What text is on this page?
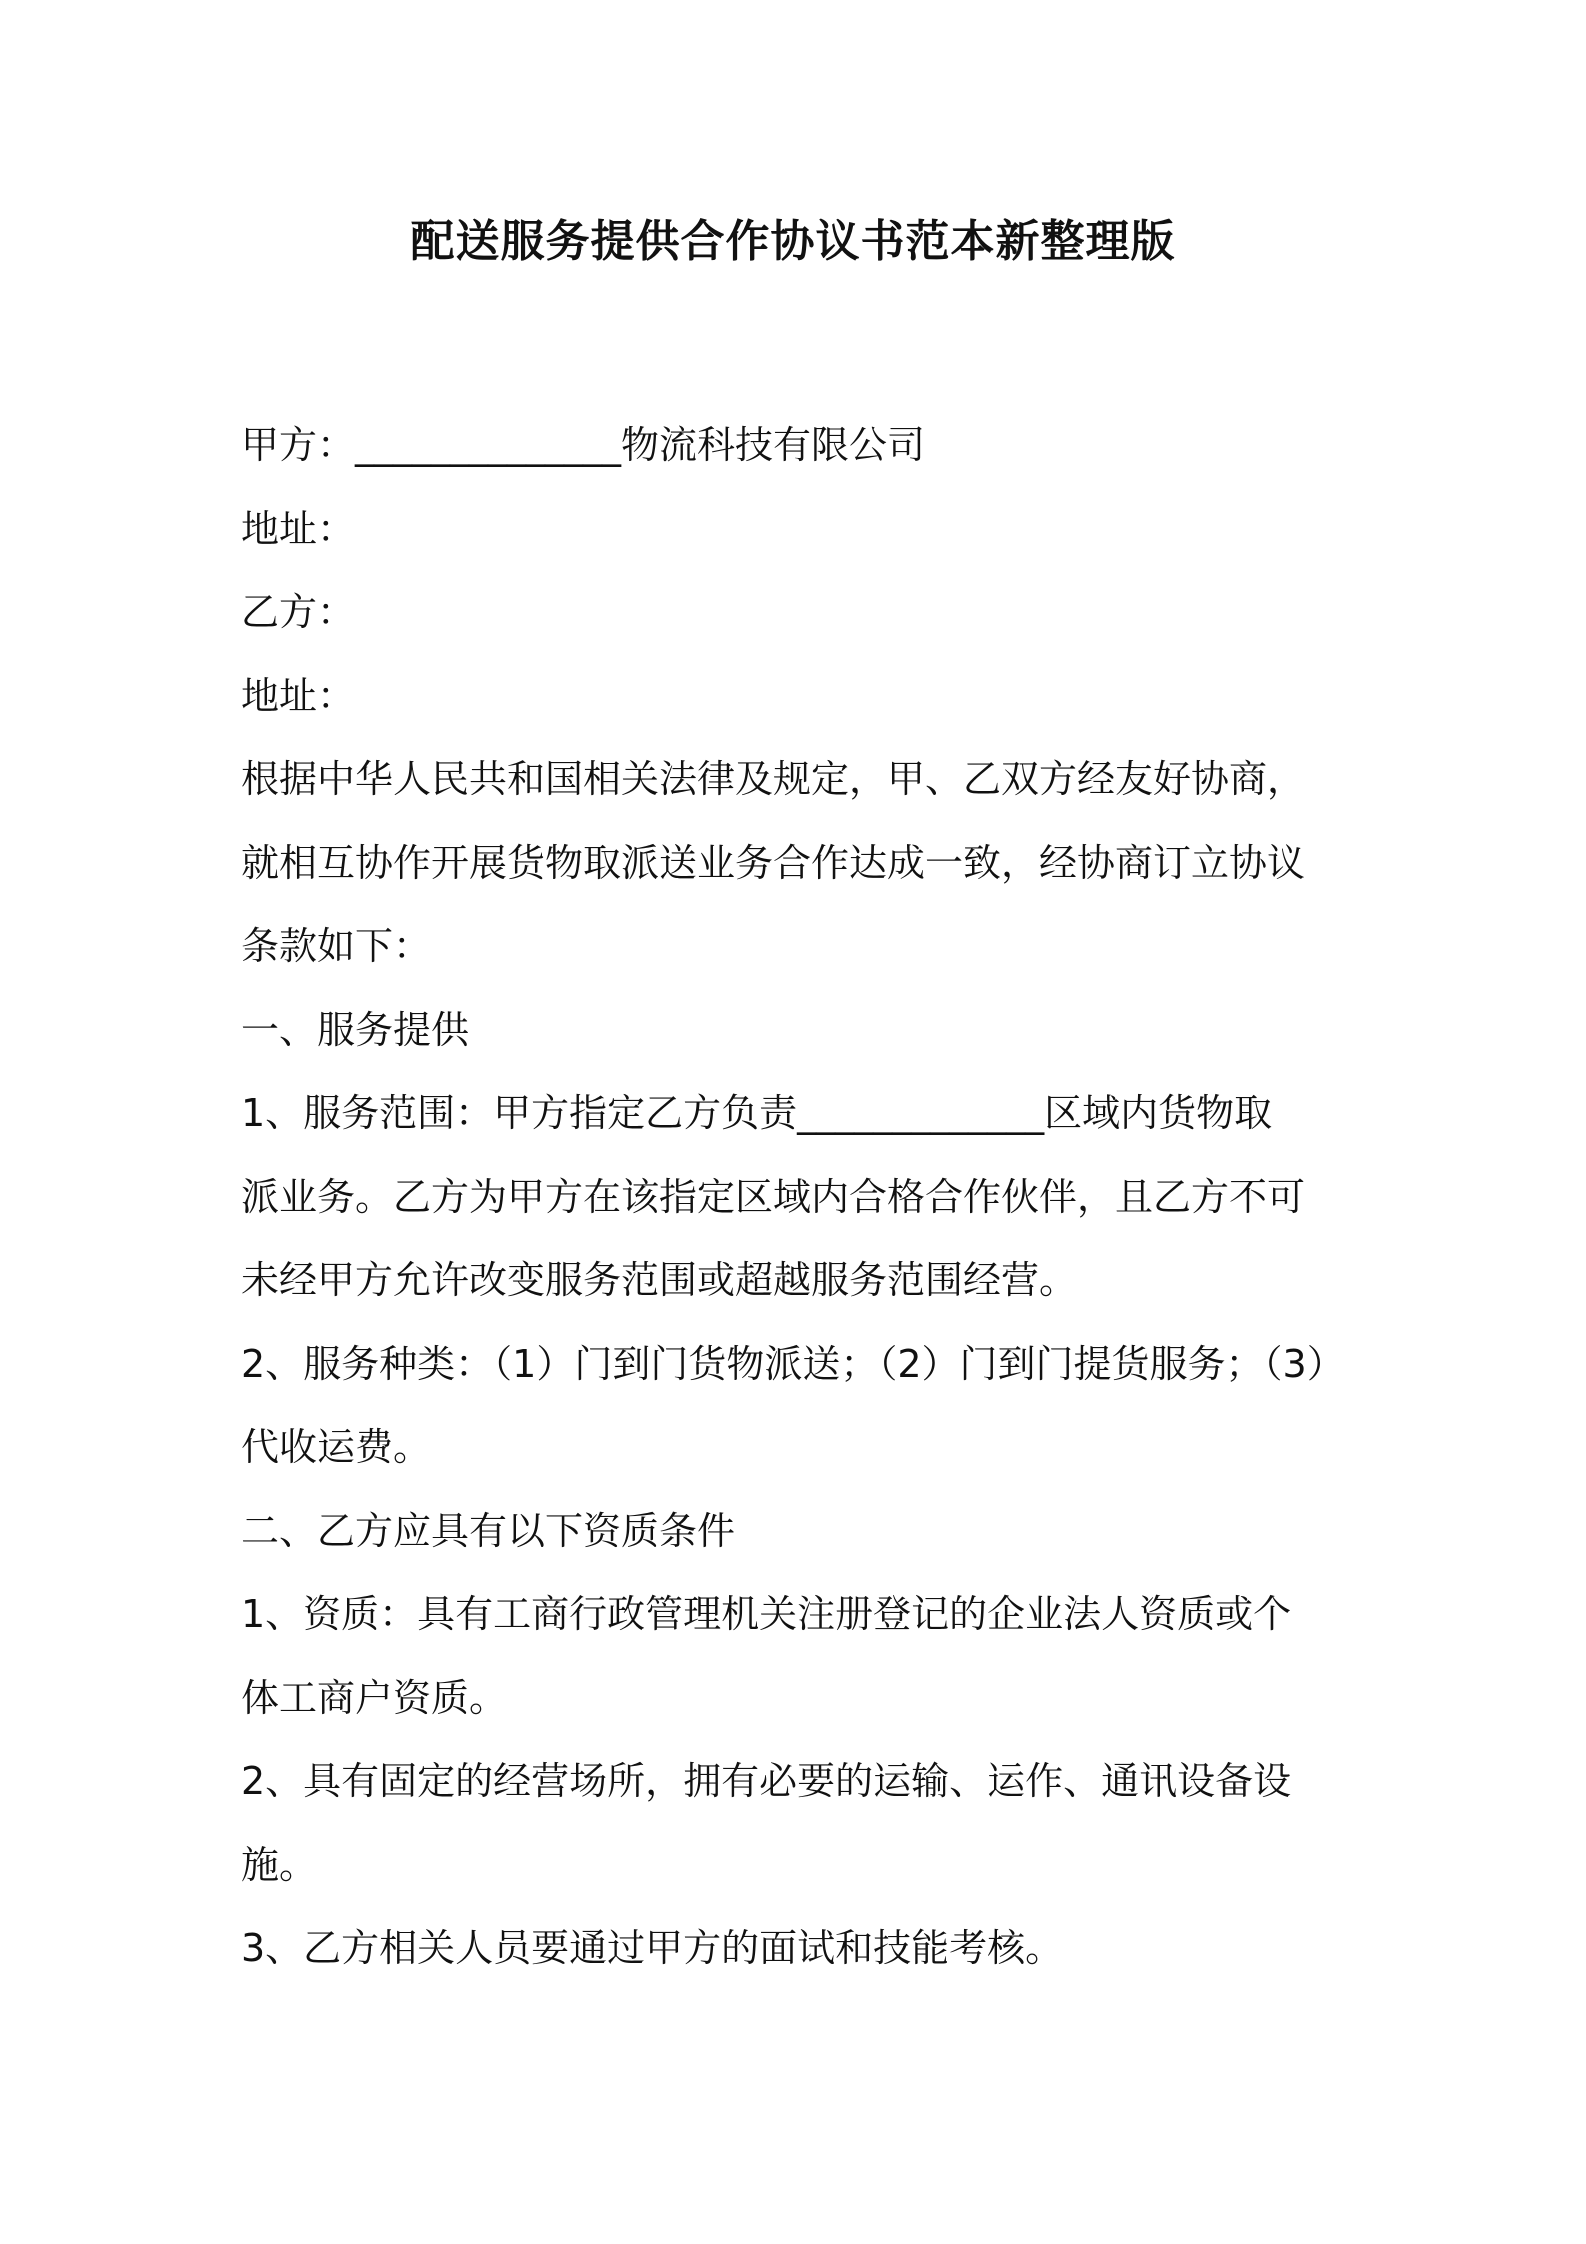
配送服务提供合作协议书范本新整理版
甲方：______________物流科技有限公司
地址：
乙方：
地址：
根据中华人民共和国相关法律及规定，甲、乙双方经友好协商，
就相互协作开展货物取派送业务合作达成一致，经协商订立协议
条款如下：
一、服务提供
1、服务范围：甲方指定乙方负责_____________区域内货物取
派业务。乙方为甲方在该指定区域内合格合作伙伴，且乙方不可
未经甲方允许改变服务范围或超越服务范围经营。
2、服务种类：（1）门到门货物派送；（2）门到门提货服务；（3）
代收运费。
二、乙方应具有以下资质条件
1、资质：具有工商行政管理机关注册登记的企业法人资质或个
体工商户资质。
2、具有固定的经营场所，拥有必要的运输、运作、通讯设备设
施。
3、乙方相关人员要通过甲方的面试和技能考核。
